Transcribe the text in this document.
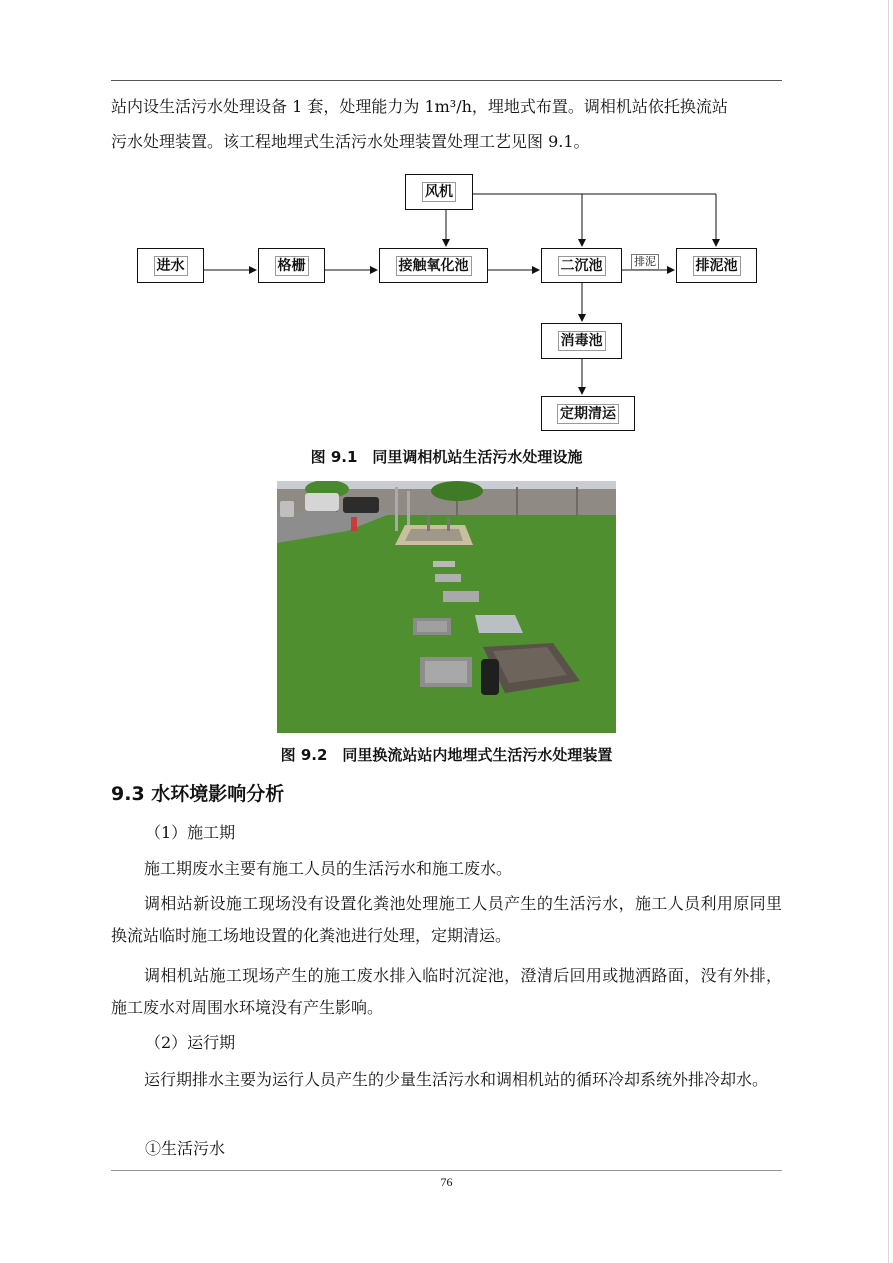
站内设生活污水处理设备 1 套，处理能力为 1m³/h，埋地式布置。调相机站依托换流站

污水处理装置。该工程地埋式生活污水处理装置处理工艺见图 9.1。

风机
进水	格栅	接触氧化池	二沉池	排泥	排泥池
消毒池
定期清运

图 9.1　同里调相机站生活污水处理设施

图 9.2　同里换流站站内地埋式生活污水处理装置

9.3 水环境影响分析

（1）施工期

施工期废水主要有施工人员的生活污水和施工废水。

调相站新设施工现场没有设置化粪池处理施工人员产生的生活污水，施工人员利用原同里换流站临时施工场地设置的化粪池进行处理，定期清运。

调相机站施工现场产生的施工废水排入临时沉淀池，澄清后回用或抛洒路面，没有外排，施工废水对周围水环境没有产生影响。

（2）运行期

运行期排水主要为运行人员产生的少量生活污水和调相机站的循环冷却系统外排冷却水。

①生活污水

76
